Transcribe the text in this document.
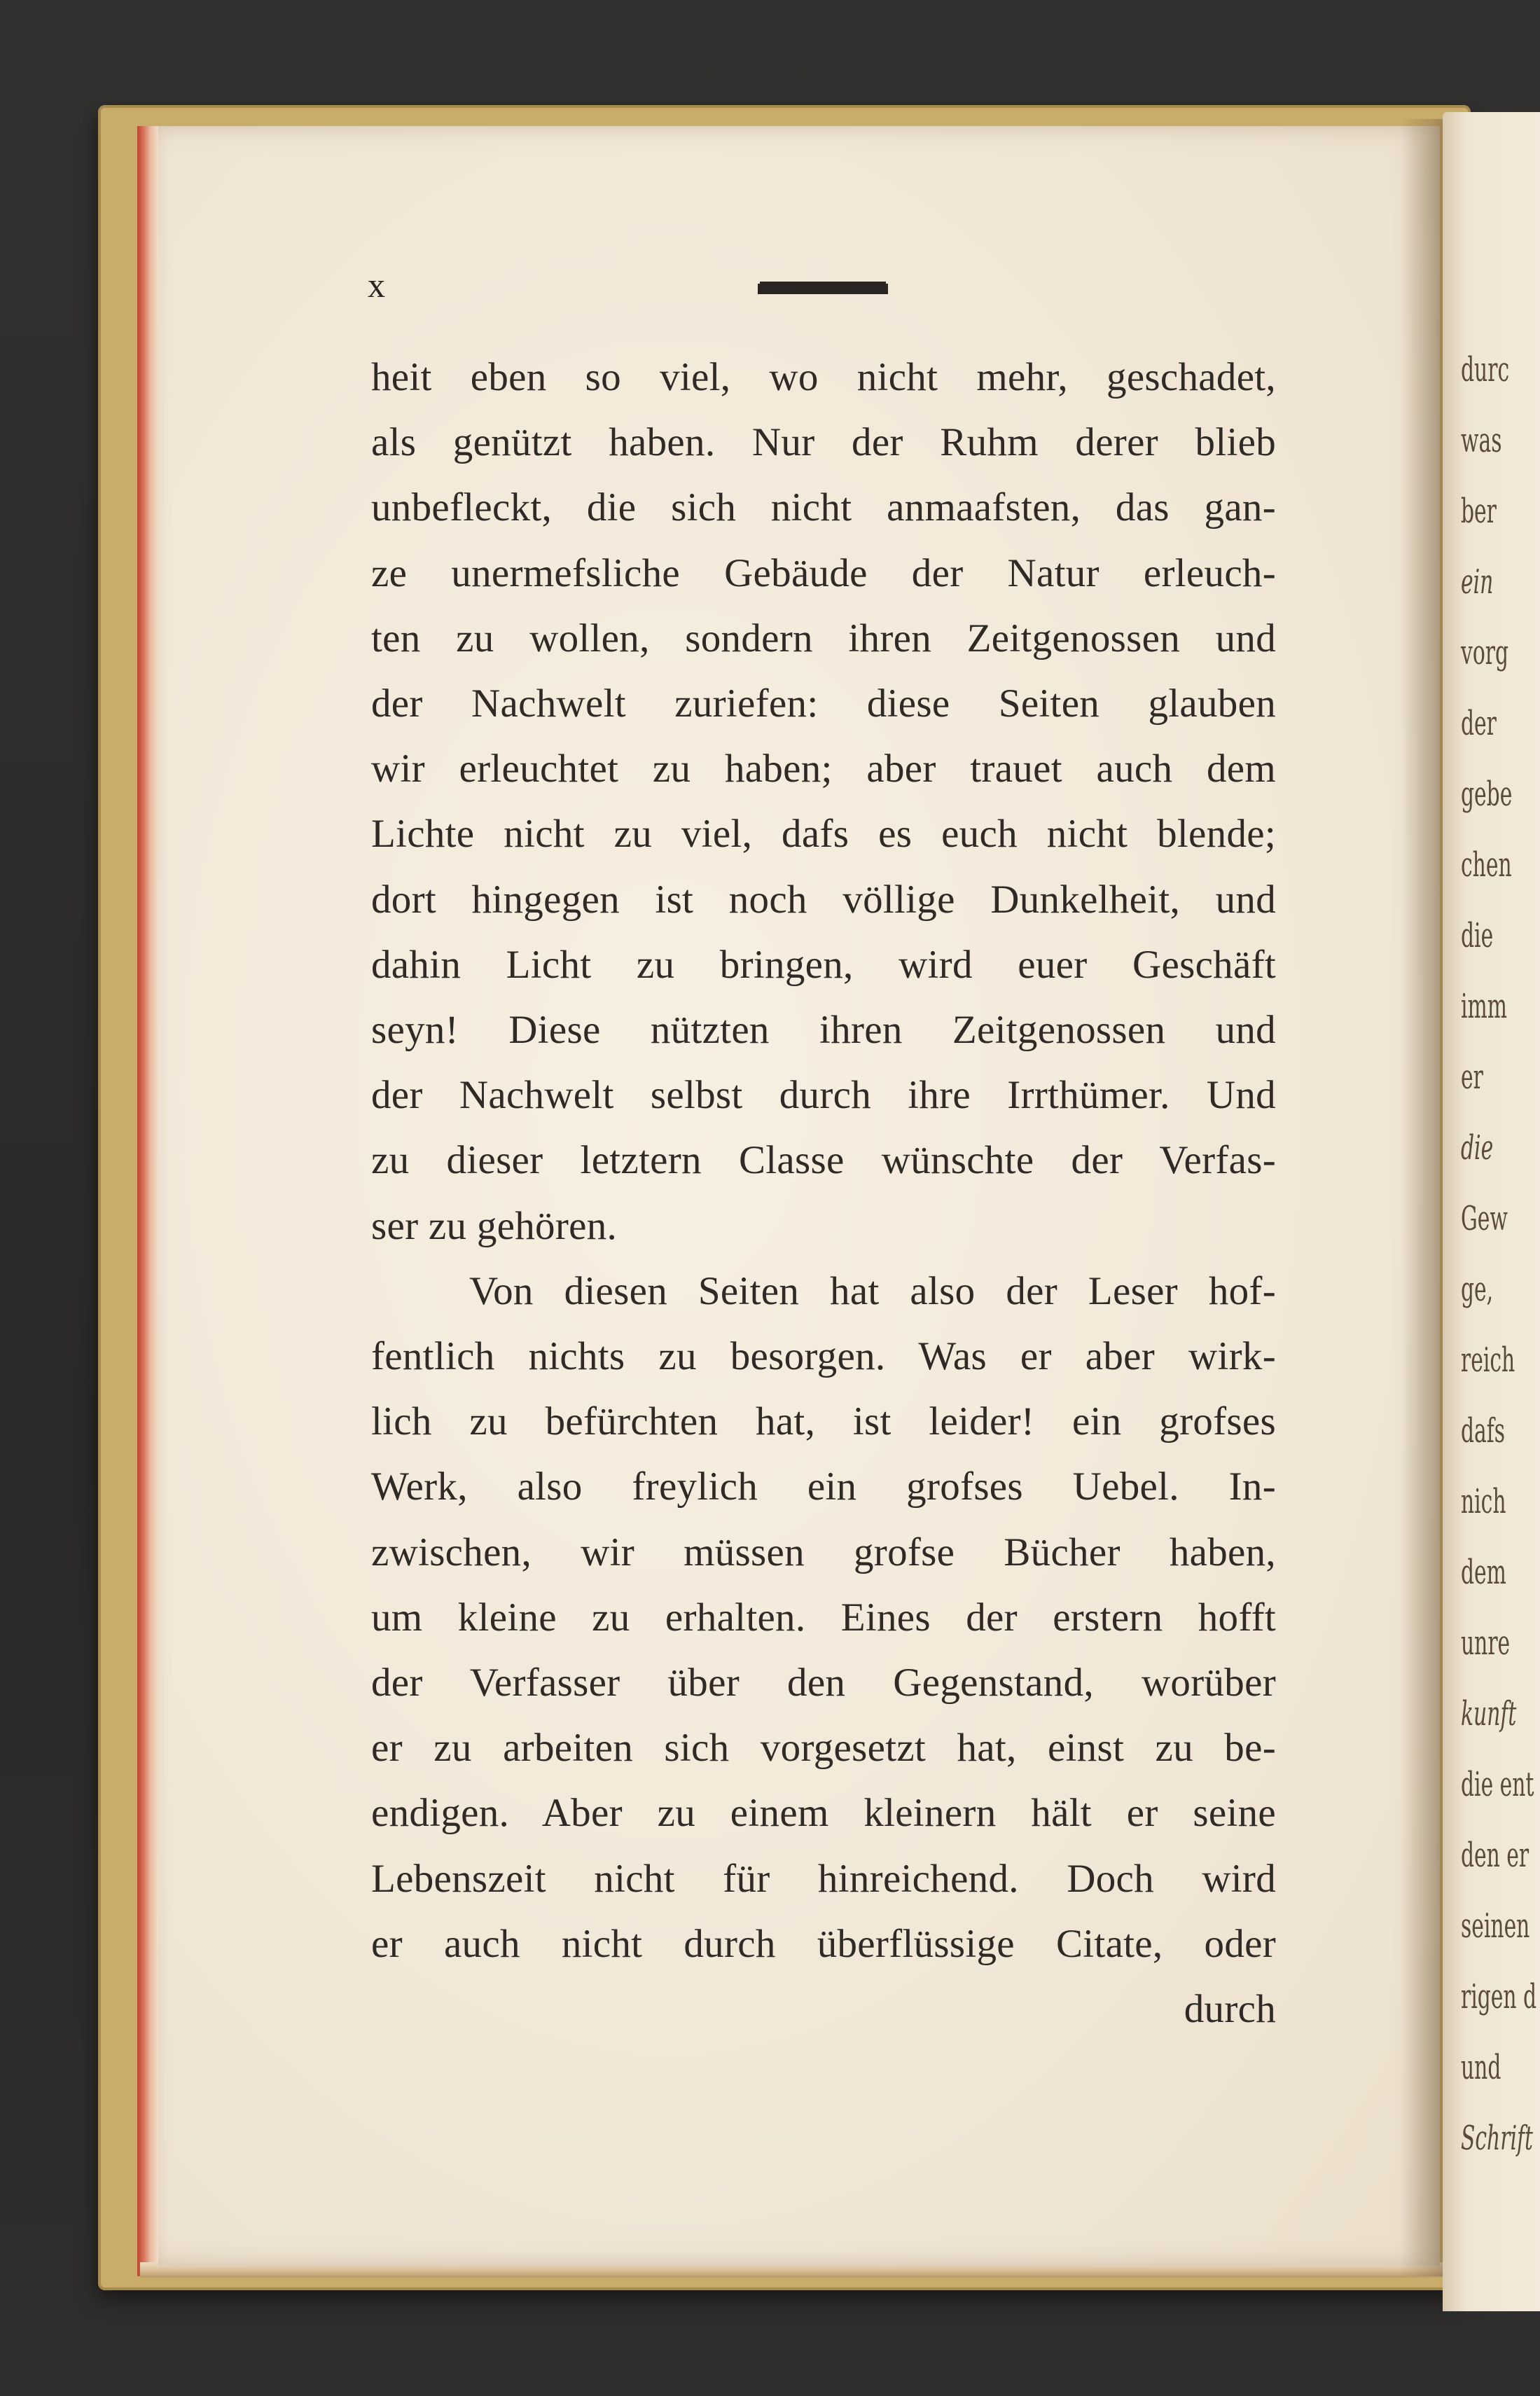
durc
was
ber
ein
vorg
der
gebe
chen
die
imm
er
die
Gew
ge,
reich
dafs
nich
dem
unre
kunft
die ent
den er
seinen
rigen d
und
Schrift
x
heit eben so viel, wo nicht mehr, geschadet,
als genützt haben. Nur der Ruhm derer blieb
unbefleckt, die sich nicht anmaafsten, das gan-
ze unermefsliche Gebäude der Natur erleuch-
ten zu wollen, sondern ihren Zeitgenossen und
der Nachwelt zuriefen: diese Seiten glauben
wir erleuchtet zu haben; aber trauet auch dem
Lichte nicht zu viel, dafs es euch nicht blende;
dort hingegen ist noch völlige Dunkelheit, und
dahin Licht zu bringen, wird euer Geschäft
seyn! Diese nützten ihren Zeitgenossen und
der Nachwelt selbst durch ihre Irrthümer. Und
zu dieser letztern Classe wünschte der Verfas-
ser zu gehören.
Von diesen Seiten hat also der Leser hof-
fentlich nichts zu besorgen. Was er aber wirk-
lich zu befürchten hat, ist leider! ein grofses
Werk, also freylich ein grofses Uebel. In-
zwischen, wir müssen grofse Bücher haben,
um kleine zu erhalten. Eines der erstern hofft
der Verfasser über den Gegenstand, worüber
er zu arbeiten sich vorgesetzt hat, einst zu be-
endigen. Aber zu einem kleinern hält er seine
Lebenszeit nicht für hinreichend. Doch wird
er auch nicht durch überflüssige Citate, oder
durch
